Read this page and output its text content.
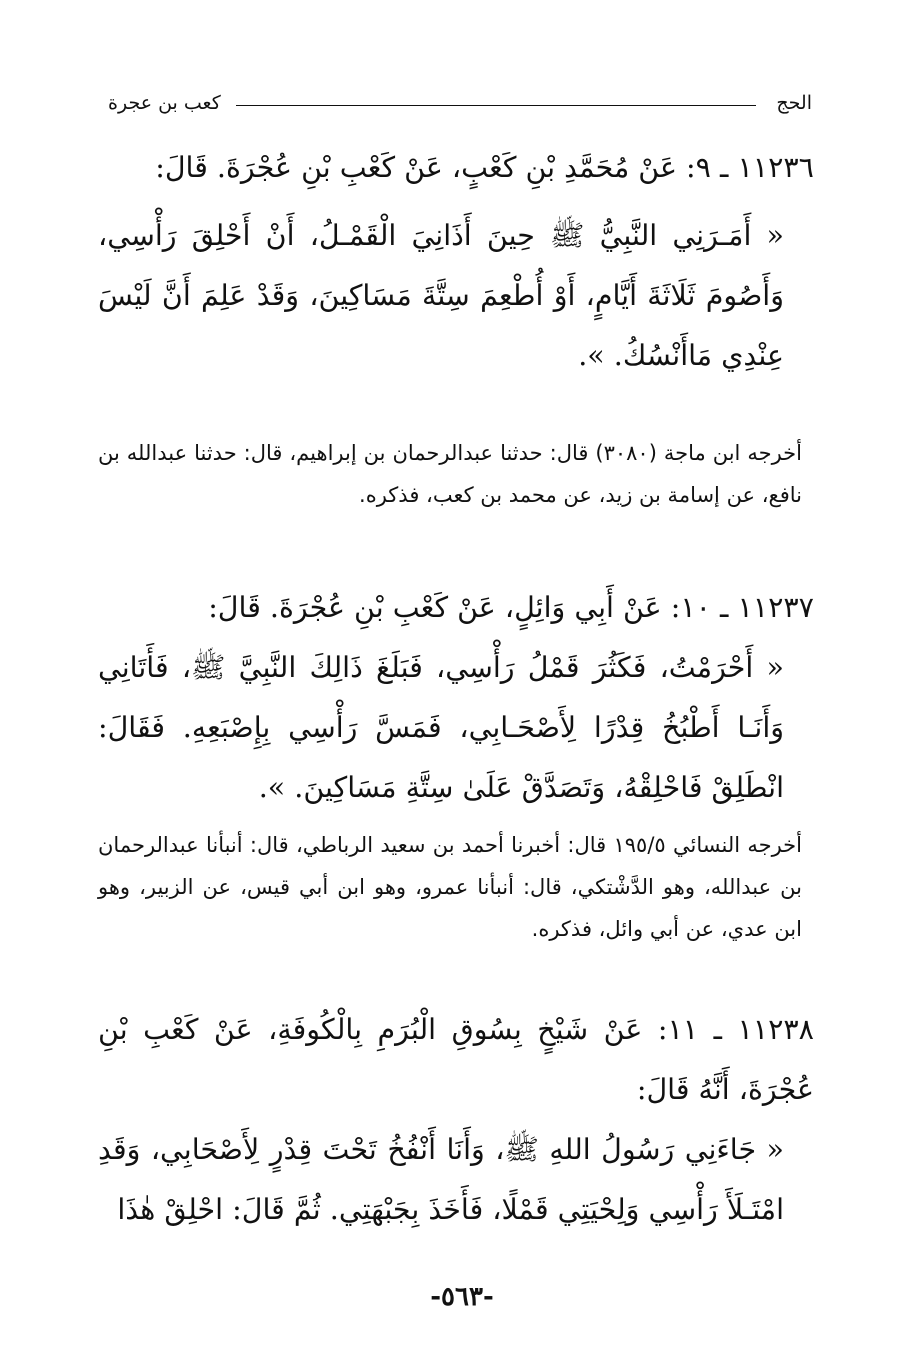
الحج
كعب بن عجرة
١١٢٣٦ ـ ٩: عَنْ مُحَمَّدِ بْنِ كَعْبٍ، عَنْ كَعْبِ بْنِ عُجْرَةَ. قَالَ:
« أَمَـرَنِي النَّبِيُّ ﷺ حِينَ أَذَانِيَ الْقَمْـلُ، أَنْ أَحْلِقَ رَأْسِي، وَأَصُومَ ثَلَاثَةَ أَيَّامٍ، أَوْ أُطْعِمَ سِتَّةَ مَسَاكِينَ، وَقَدْ عَلِمَ أَنَّ لَيْسَ عِنْدِي مَاأَنْسُكُ. ».
أخرجه ابن ماجة (٣٠٨٠) قال: حدثنا عبدالرحمان بن إبراهيم، قال: حدثنا عبدالله بن نافع، عن إسامة بن زيد، عن محمد بن كعب، فذكره.
١١٢٣٧ ـ ١٠: عَنْ أَبِي وَائِلٍ، عَنْ كَعْبِ بْنِ عُجْرَةَ. قَالَ:
« أَحْرَمْتُ، فَكَثُرَ قَمْلُ رَأْسِي، فَبَلَغَ ذَالِكَ النَّبِيَّ ﷺ، فَأَتَانِي وَأَنَـا أَطْبُخُ قِدْرًا لِأَصْحَـابِي، فَمَسَّ رَأْسِي بِإِصْبَعِهِ. فَقَالَ: انْطَلِقْ فَاحْلِقْهُ، وَتَصَدَّقْ عَلَىٰ سِتَّةِ مَسَاكِينَ. ».
أخرجه النسائي ١٩٥/٥ قال: أخبرنا أحمد بن سعيد الرباطي، قال: أنبأنا عبدالرحمان بن عبدالله، وهو الدَّشْتكي، قال: أنبأنا عمرو، وهو ابن أبي قيس، عن الزبير، وهو ابن عدي، عن أبي وائل، فذكره.
١١٢٣٨ ـ ١١: عَنْ شَيْخٍ بِسُوقِ الْبُرَمِ بِالْكُوفَةِ، عَنْ كَعْبِ بْنِ عُجْرَةَ، أَنَّهُ قَالَ:
« جَاءَنِي رَسُولُ اللهِ ﷺ، وَأَنَا أَنْفُخُ تَحْتَ قِدْرٍ لِأَصْحَابِي، وَقَدِ امْتَـلَأَ رَأْسِي وَلِحْيَتِي قَمْلًا، فَأَخَذَ بِجَبْهَتِي. ثُمَّ قَالَ: احْلِقْ هٰذَا
-٥٦٣-
